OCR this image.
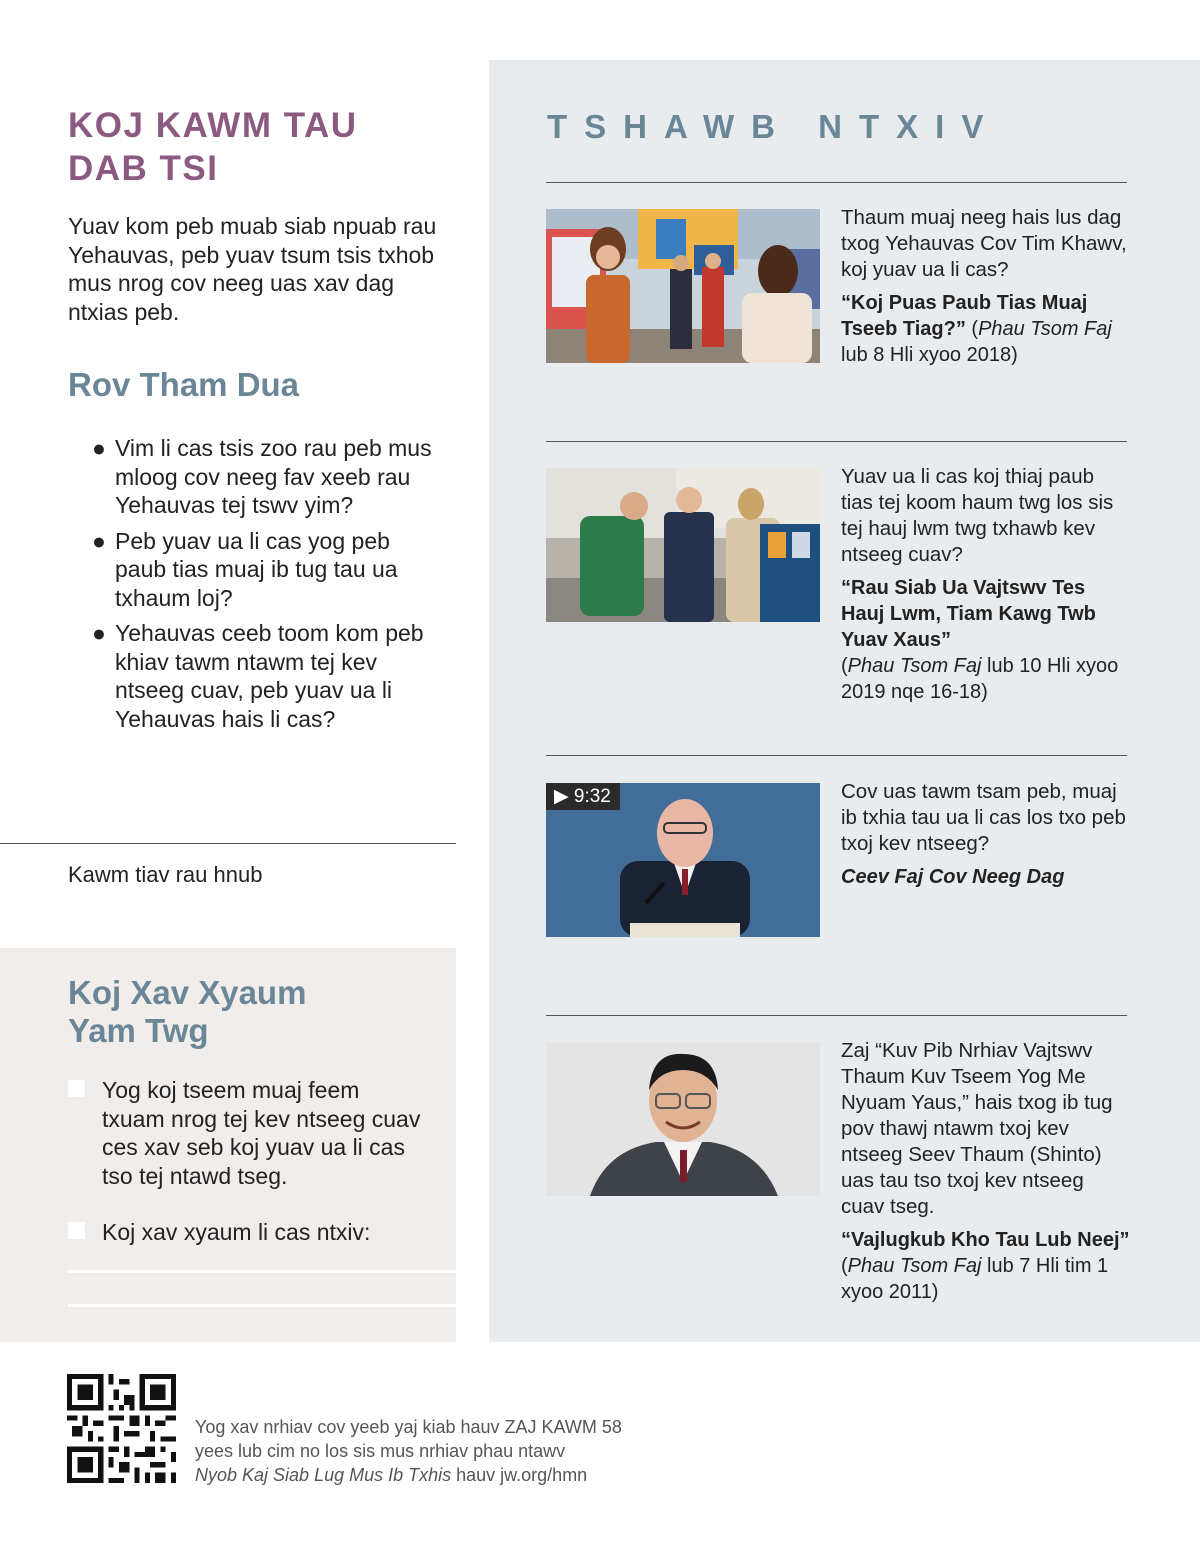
KOJ KAWM TAU
DAB TSI

Yuav kom peb muab siab npuab rau Yehauvas, peb yuav tsum tsis txhob mus nrog cov neeg uas xav dag ntxias peb.

Rov Tham Dua
● Vim li cas tsis zoo rau peb mus mloog cov neeg fav xeeb rau Yehauvas tej tswv yim?
● Peb yuav ua li cas yog peb paub tias muaj ib tug tau ua txhaum loj?
● Yehauvas ceeb toom kom peb khiav tawm ntawm tej kev ntseeg cuav, peb yuav ua li Yehauvas hais li cas?
Kawm tiav rau hnub
Koj Xav Xyaum
Yam Twg
Yog koj tseem muaj feem txuam nrog tej kev ntseeg cuav ces xav seb koj yuav ua li cas tso tej ntawd tseg.
Koj xav xyaum li cas ntxiv:
TSHAWB NTXIV

Thaum muaj neeg hais lus dag txog Yehauvas Cov Tim Khawv, koj yuav ua li cas?

“Koj Puas Paub Tias Muaj Tseeb Tiag?” (Phau Tsom Faj lub 8 Hli xyoo 2018)

Yuav ua li cas koj thiaj paub tias tej koom haum twg los sis tej hauj lwm twg txhawb kev ntseeg cuav?

“Rau Siab Ua Vajtswv Tes Hauj Lwm, Tiam Kawg Twb Yuav Xaus”
(Phau Tsom Faj lub 10 Hli xyoo 2019 nqe 16-18)

▶ 9:32	Cov uas tawm tsam peb, muaj ib txhia tau ua li cas los txo peb txoj kev ntseeg?

Ceev Faj Cov Neeg Dag

Zaj “Kuv Pib Nrhiav Vajtswv Thaum Kuv Tseem Yog Me Nyuam Yaus,” hais txog ib tug pov thawj ntawm txoj kev ntseeg Seev Thaum (Shinto) uas tau tso txoj kev ntseeg cuav tseg.

“Vajlugkub Kho Tau Lub Neej”
(Phau Tsom Faj lub 7 Hli tim 1 xyoo 2011)

Yog xav nrhiav cov yeeb yaj kiab hauv ZAJ KAWM 58
yees lub cim no los sis mus nrhiav phau ntawv
Nyob Kaj Siab Lug Mus Ib Txhis hauv jw.org/hmn
